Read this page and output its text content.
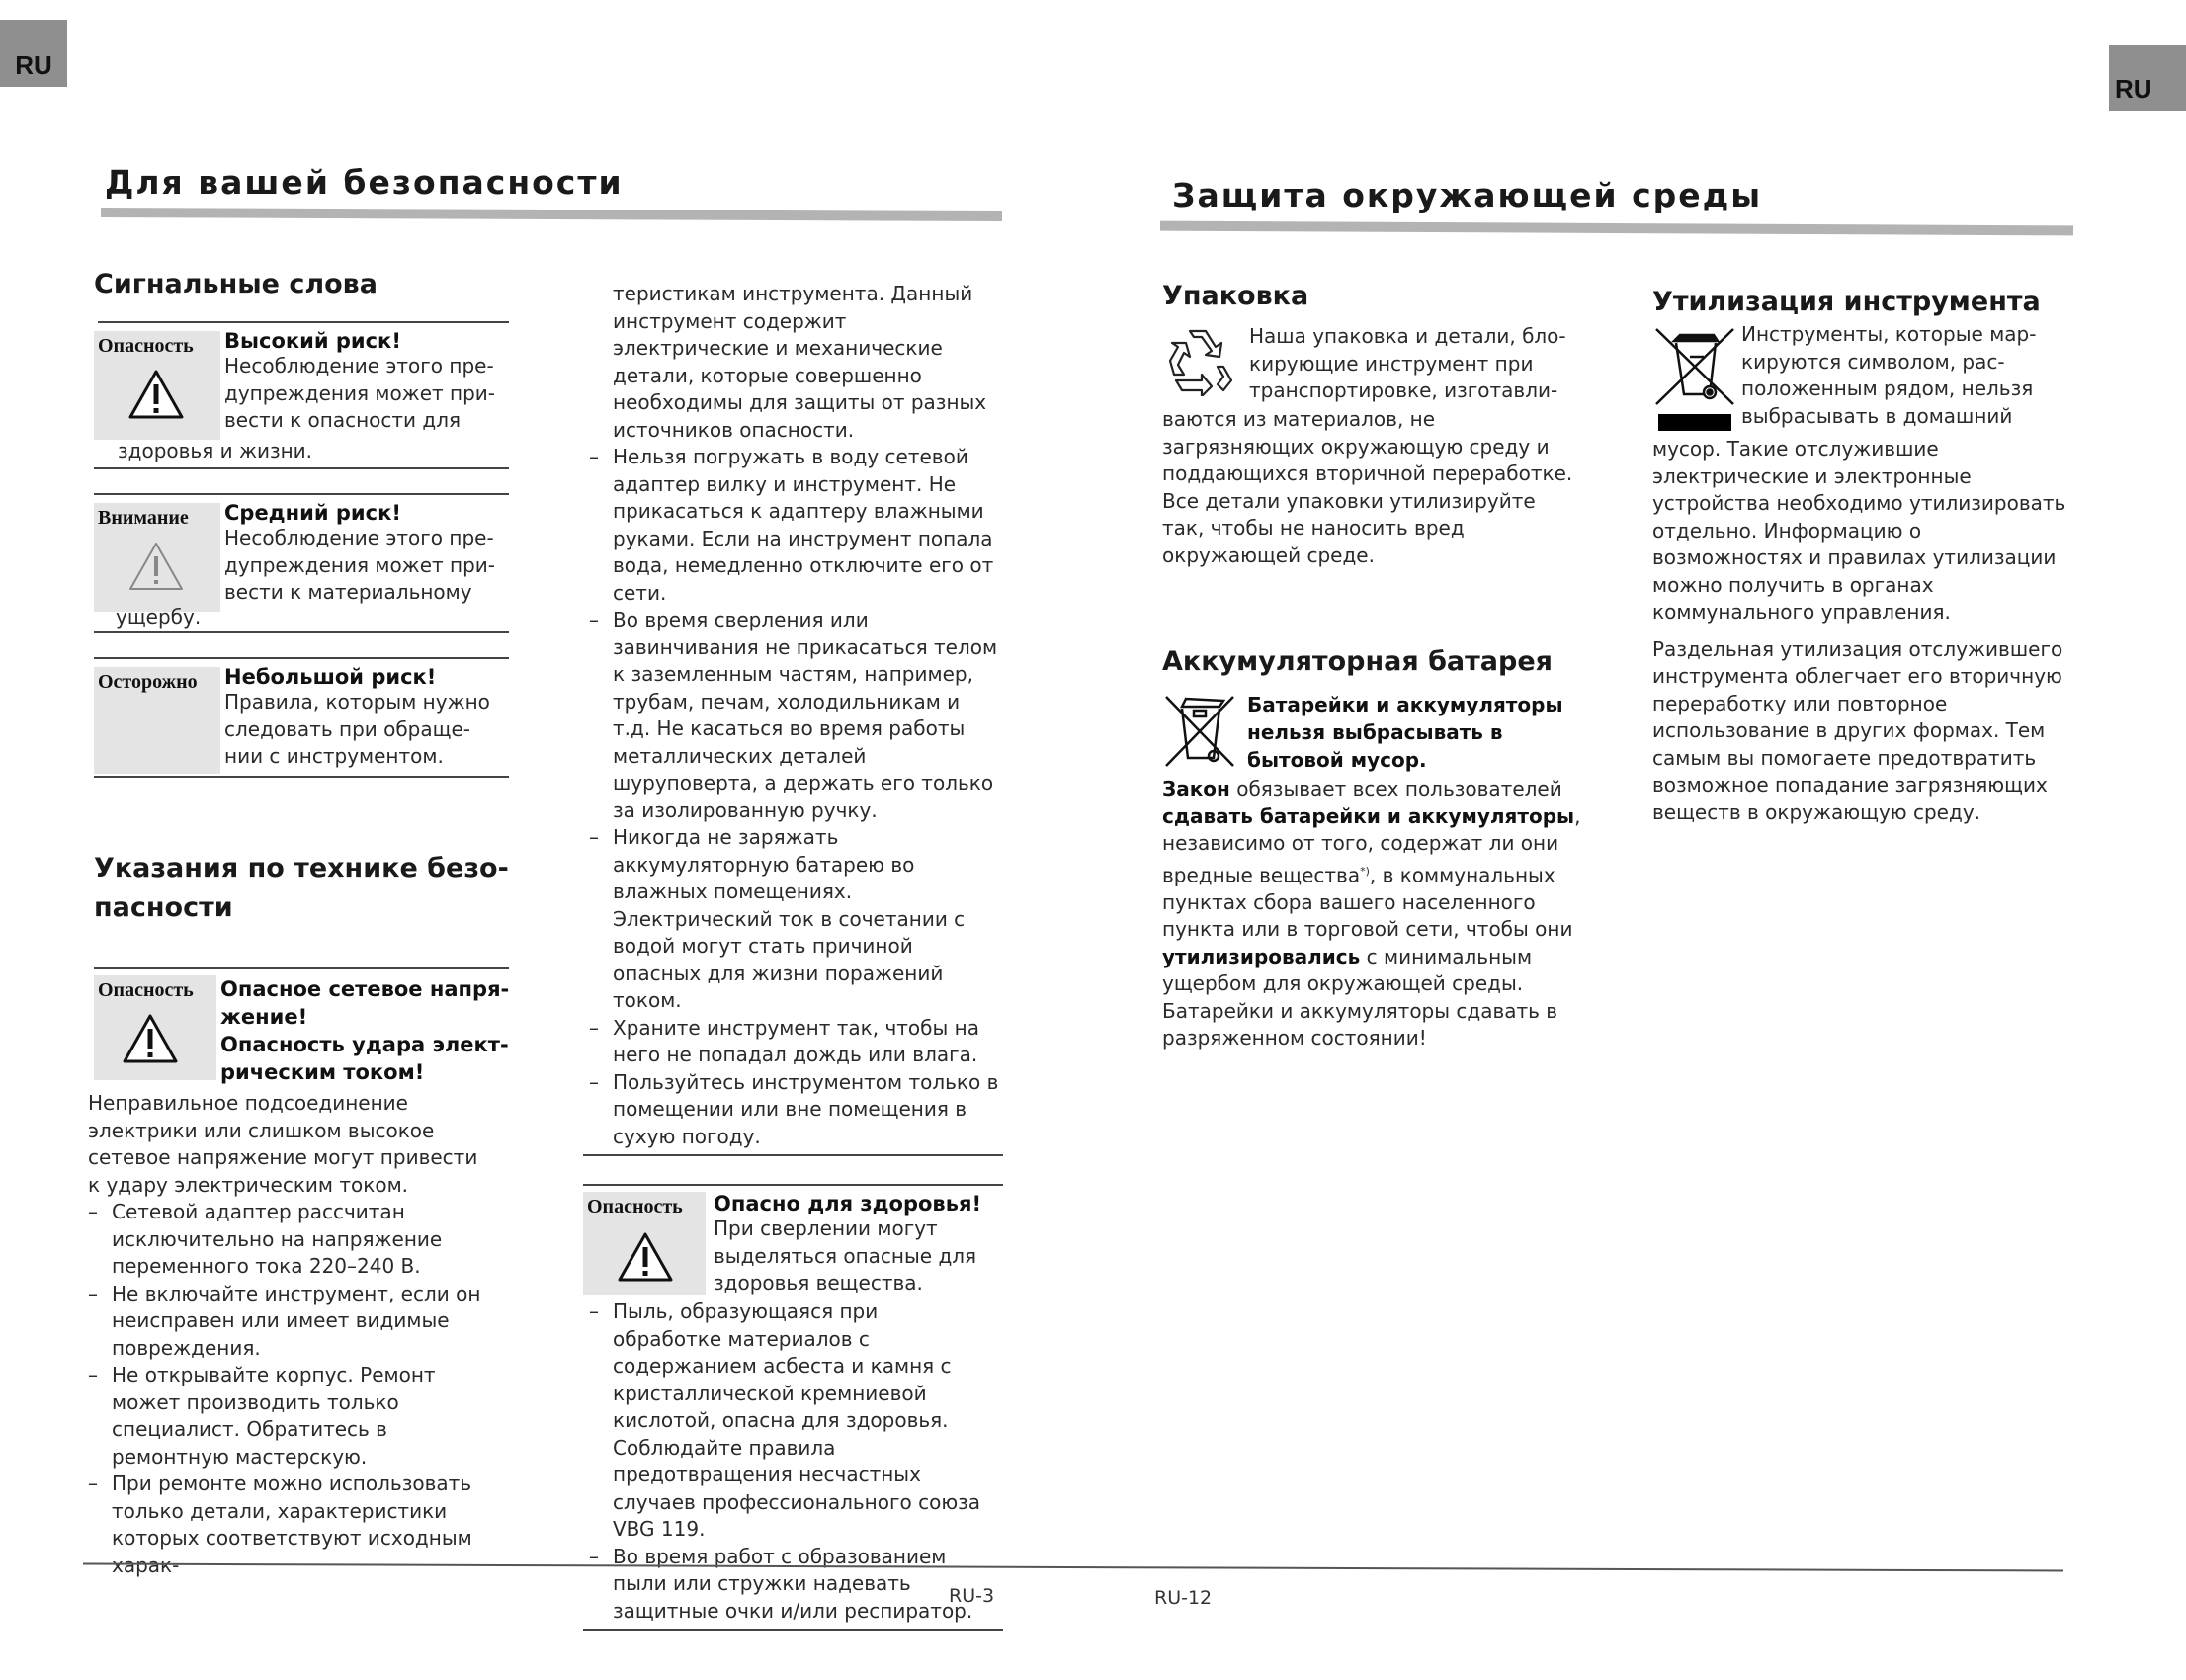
RU
Для вашей безопасности
Сигнальные слова
Опасность Высокий риск!
Несоблюдение этого пре-
дупреждения может при-
вести к опасности для
здоровья и жизни.
Внимание Средний риск!
Несоблюдение этого пре-
дупреждения может при-
вести к материальному
ущербу.
Осторожно Небольшой риск!
Правила, которым нужно
следовать при обраще-
нии с инструментом.
Указания по технике безо-
пасности
Опасность Опасное сетевое напря-
жение!
Опасность удара элект-
рическим током!
Неправильное подсоединение электрики или слишком высокое сетевое напряжение могут привести к удару электрическим током.
– Сетевой адаптер рассчитан исключительно на напряжение переменного тока 220–240 В.
– Не включайте инструмент, если он неисправен или имеет видимые повреждения.
– Не открывайте корпус. Ремонт может производить только специалист. Обратитесь в ремонтную мастерскую.
– При ремонте можно использовать только детали, характеристики которых соответствуют исходным харак-
теристикам инструмента. Данный инструмент содержит электрические и механические детали, которые совершенно необходимы для защиты от разных источников опасности.
– Нельзя погружать в воду сетевой адаптер вилку и инструмент. Не прикасаться к адаптеру влажными руками. Если на инструмент попала вода, немедленно отключите его от сети.
– Во время сверления или завинчивания не прикасаться телом к заземленным частям, например, трубам, печам, холодильникам и т.д. Не касаться во время работы металлических деталей шуруповерта, а держать его только за изолированную ручку.
– Никогда не заряжать аккумуляторную батарею во влажных помещениях. Электрический ток в сочетании с водой могут стать причиной опасных для жизни поражений током.
– Храните инструмент так, чтобы на него не попадал дождь или влага.
– Пользуйтесь инструментом только в помещении или вне помещения в сухую погоду.
Опасность Опасно для здоровья!
При сверлении могут
выделяться опасные для
здоровья вещества.
– Пыль, образующаяся при обработке материалов с содержанием асбеста и камня с кристаллической кремниевой кислотой, опасна для здоровья. Соблюдайте правила предотвращения несчастных случаев профессионального союза VBG 119.
– Во время работ с образованием пыли или стружки надевать защитные очки и/или респиратор.
RU
Защита окружающей среды
Упаковка
Наша упаковка и детали, бло-
кирующие инструмент при
транспортировке, изготавли-
ваются из материалов, не загрязняющих окружающую среду и поддающихся вторичной переработке. Все детали упаковки утилизируйте так, чтобы не наносить вред окружающей среде.
Аккумуляторная батарея
Батарейки и аккумуляторы нельзя выбрасывать в бытовой мусор.
Закон обязывает всех пользователей сдавать батарейки и аккумуляторы, независимо от того, содержат ли они вредные вещества*), в коммунальных пунктах сбора вашего населенного пункта или в торговой сети, чтобы они утилизировались с минимальным ущербом для окружающей среды. Батарейки и аккумуляторы сдавать в разряженном состоянии!
Утилизация инструмента
Инструменты, которые мар-
кируются символом, рас-
положенным рядом, нельзя
выбрасывать в домашний
мусор. Такие отслужившие электрические и электронные устройства необходимо утилизировать отдельно. Информацию о возможностях и правилах утилизации можно получить в органах коммунального управления.
Раздельная утилизация отслужившего инструмента облегчает его вторичную переработку или повторное использование в других формах. Тем самым вы помогаете предотвратить возможное попадание загрязняющих веществ в окружающую среду.
RU-3	RU-12
